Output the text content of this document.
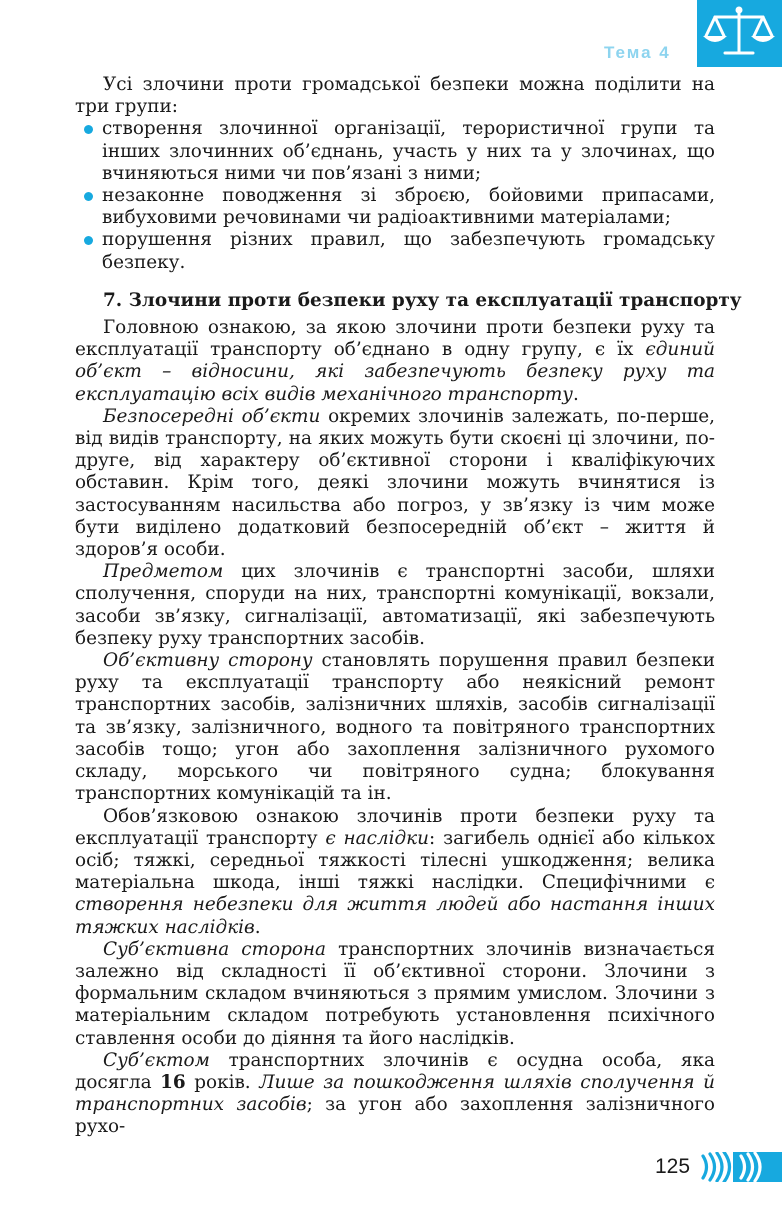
Тема 4

Усі злочини проти громадської безпеки можна поділити на три групи:

створення злочинної організації, терористичної групи та інших злочинних об’єднань, участь у них та у злочинах, що вчиняються ними чи пов’язані з ними;
незаконне поводження зі зброєю, бойовими припасами, вибуховими речовинами чи радіоактивними матеріалами;
порушення різних правил, що забезпечують громадську безпеку.
7. Злочини проти безпеки руху та експлуатації транспорту

Головною ознакою, за якою злочини проти безпеки руху та експлуатації транспорту об’єднано в одну групу, є їх єдиний об’єкт – відносини, які забезпечують безпеку руху та експлуатацію всіх видів механічного транспорту.

Безпосередні об’єкти окремих злочинів залежать, по-перше, від видів транспорту, на яких можуть бути скоєні ці злочини, по-друге, від характеру об’єктивної сторони і кваліфікуючих обставин. Крім того, деякі злочини можуть вчинятися із застосуванням насильства або погроз, у зв’язку із чим може бути виділено додатковий безпосередній об’єкт – життя й здоров’я особи.

Предметом цих злочинів є транспортні засоби, шляхи сполучення, споруди на них, транспортні комунікації, вокзали, засоби зв’язку, сигналізації, автоматизації, які забезпечують безпеку руху транспортних засобів.

Об’єктивну сторону становлять порушення правил безпеки руху та експлуатації транспорту або неякісний ремонт транспортних засобів, залізничних шляхів, засобів сигналізації та зв’язку, залізничного, водного та повітряного транспортних засобів тощо; угон або захоплення залізничного рухомого складу, морського чи повітряного судна; блокування транспортних комунікацій та ін.

Обов’язковою ознакою злочинів проти безпеки руху та експлуатації транспорту є наслідки: загибель однієї або кількох осіб; тяжкі, середньої тяжкості тілесні ушкодження; велика матеріальна шкода, інші тяжкі наслідки. Специфічними є створення небезпеки для життя людей або настання інших тяжких наслідків.

Суб’єктивна сторона транспортних злочинів визначається залежно від складності її об’єктивної сторони. Злочини з формальним складом вчиняються з прямим умислом. Злочини з матеріальним складом потребують установлення психічного ставлення особи до діяння та його наслідків.

Суб’єктом транспортних злочинів є осудна особа, яка досягла 16 років. Лише за пошкодження шляхів сполучення й транспортних засобів; за угон або захоплення залізничного рухо-

125
